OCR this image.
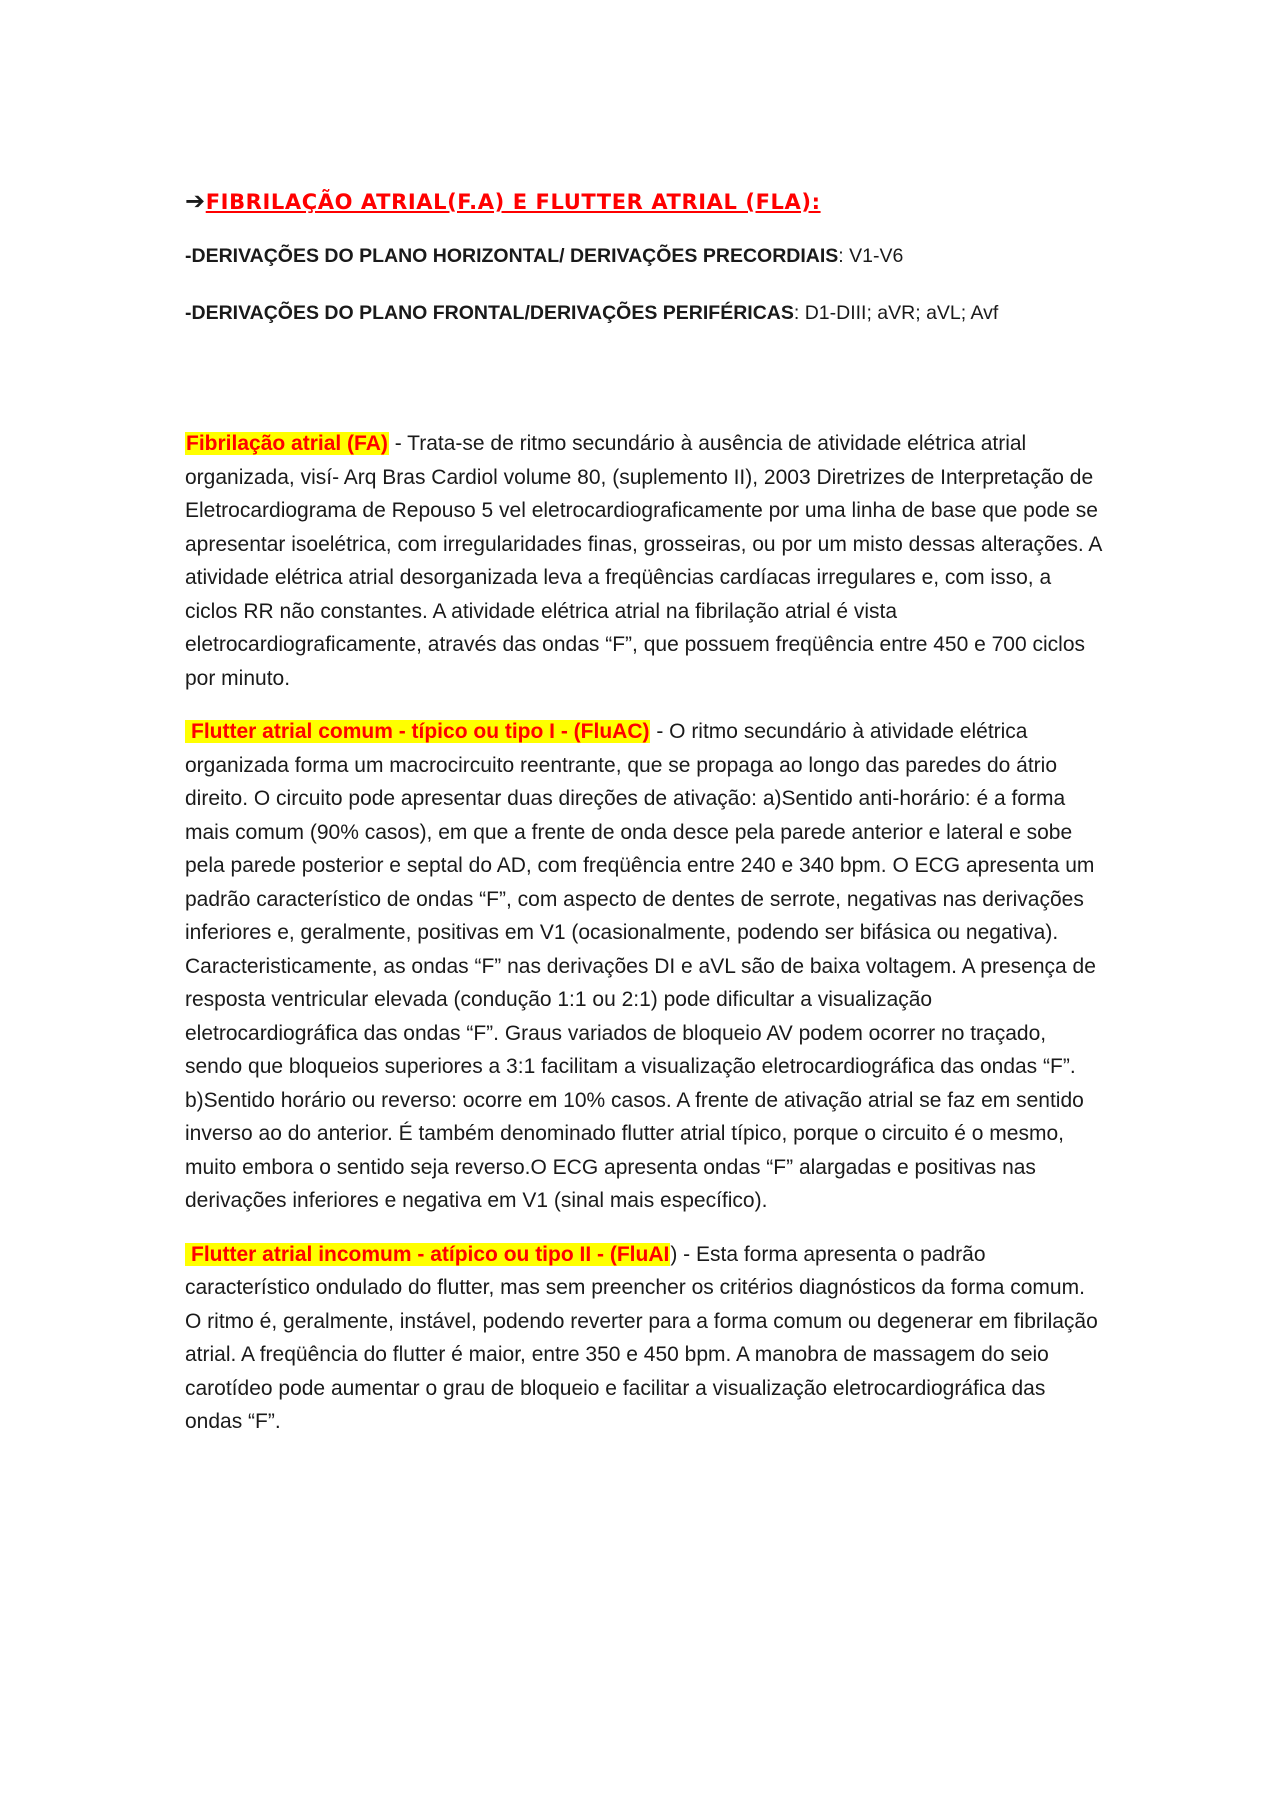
➔FIBRILAÇÃO ATRIAL(F.A) E FLUTTER ATRIAL (FLA):
-DERIVAÇÕES DO PLANO HORIZONTAL/ DERIVAÇÕES PRECORDIAIS: V1-V6
-DERIVAÇÕES DO PLANO FRONTAL/DERIVAÇÕES PERIFÉRICAS: D1-DIII; aVR; aVL; Avf

Fibrilação atrial (FA) - Trata-se de ritmo secundário à ausência de atividade elétrica atrial organizada, visí- Arq Bras Cardiol volume 80, (suplemento II), 2003 Diretrizes de Interpretação de Eletrocardiograma de Repouso 5 vel eletrocardiograficamente por uma linha de base que pode se apresentar isoelétrica, com irregularidades finas, grosseiras, ou por um misto dessas alterações. A atividade elétrica atrial desorganizada leva a freqüências cardíacas irregulares e, com isso, a ciclos RR não constantes. A atividade elétrica atrial na fibrilação atrial é vista eletrocardiograficamente, através das ondas “F”, que possuem freqüência entre 450 e 700 ciclos por minuto.

Flutter atrial comum - típico ou tipo I - (FluAC) - O ritmo secundário à atividade elétrica organizada forma um macrocircuito reentrante, que se propaga ao longo das paredes do átrio direito. O circuito pode apresentar duas direções de ativação: a)Sentido anti-horário: é a forma mais comum (90% casos), em que a frente de onda desce pela parede anterior e lateral e sobe pela parede posterior e septal do AD, com freqüência entre 240 e 340 bpm. O ECG apresenta um padrão característico de ondas “F”, com aspecto de dentes de serrote, negativas nas derivações inferiores e, geralmente, positivas em V1 (ocasionalmente, podendo ser bifásica ou negativa). Caracteristicamente, as ondas “F” nas derivações DI e aVL são de baixa voltagem. A presença de resposta ventricular elevada (condução 1:1 ou 2:1) pode dificultar a visualização eletrocardiográfica das ondas “F”. Graus variados de bloqueio AV podem ocorrer no traçado, sendo que bloqueios superiores a 3:1 facilitam a visualização eletrocardiográfica das ondas “F”. b)Sentido horário ou reverso: ocorre em 10% casos. A frente de ativação atrial se faz em sentido inverso ao do anterior. É também denominado flutter atrial típico, porque o circuito é o mesmo, muito embora o sentido seja reverso.O ECG apresenta ondas “F” alargadas e positivas nas derivações inferiores e negativa em V1 (sinal mais específico).

Flutter atrial incomum - atípico ou tipo II - (FluAI) - Esta forma apresenta o padrão característico ondulado do flutter, mas sem preencher os critérios diagnósticos da forma comum. O ritmo é, geralmente, instável, podendo reverter para a forma comum ou degenerar em fibrilação atrial. A freqüência do flutter é maior, entre 350 e 450 bpm. A manobra de massagem do seio carotídeo pode aumentar o grau de bloqueio e facilitar a visualização eletrocardiográfica das ondas “F”.
